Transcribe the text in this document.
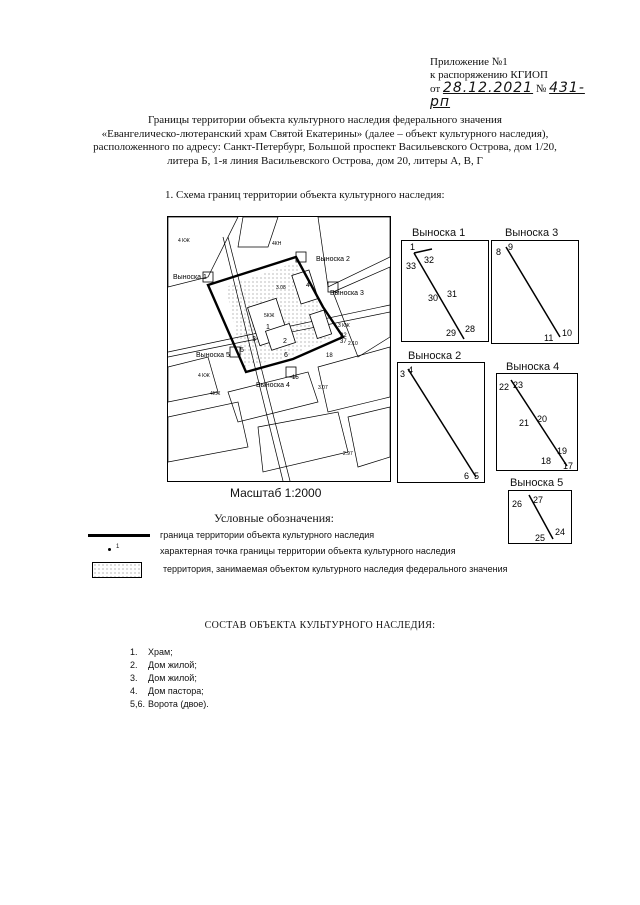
Приложение №1
к распоряжению КГИОП
от 28.12.2021 № 431-рп
Границы территории объекта культурного наследия федерального значения
«Евангелическо-лютеранский храм Святой Екатерины» (далее – объект культурного наследия),
расположенного по адресу: Санкт-Петербург, Большой проспект Васильевского Острова, дом 1/20,
литера Б, 1-я линия Васильевского Острова, дом 20, литеры А, В, Г
1. Схема границ территории объекта культурного наследия:
Выноска 1
Выноска 2
Выноска 3
Выноска 4
Выноска 5
1
2
3
4
5
6
3.08
3.07
2.97
4 КЖ
4 КЖ
3 КЖ
5КЖ
4КЖ
4КН
2.10
18
15
32
37
1
33
32
30 31
29 28
Выноска 1
8 9
11 10
Выноска 3
3 4
6 5
Выноска 2
22 23
21 20
19
18 17
Выноска 4
26 27
24
25
Выноска 5
Масштаб 1:2000
Условные обозначения:
граница территории объекта культурного наследия
1	характерная точка границы территории объекта культурного наследия
территория, занимаемая объектом культурного наследия федерального значения
СОСТАВ ОБЪЕКТА КУЛЬТУРНОГО НАСЛЕДИЯ:
1.	Храм;
2.	Дом жилой;
3.	Дом жилой;
4.	Дом пастора;
5,6. Ворота (двое).
